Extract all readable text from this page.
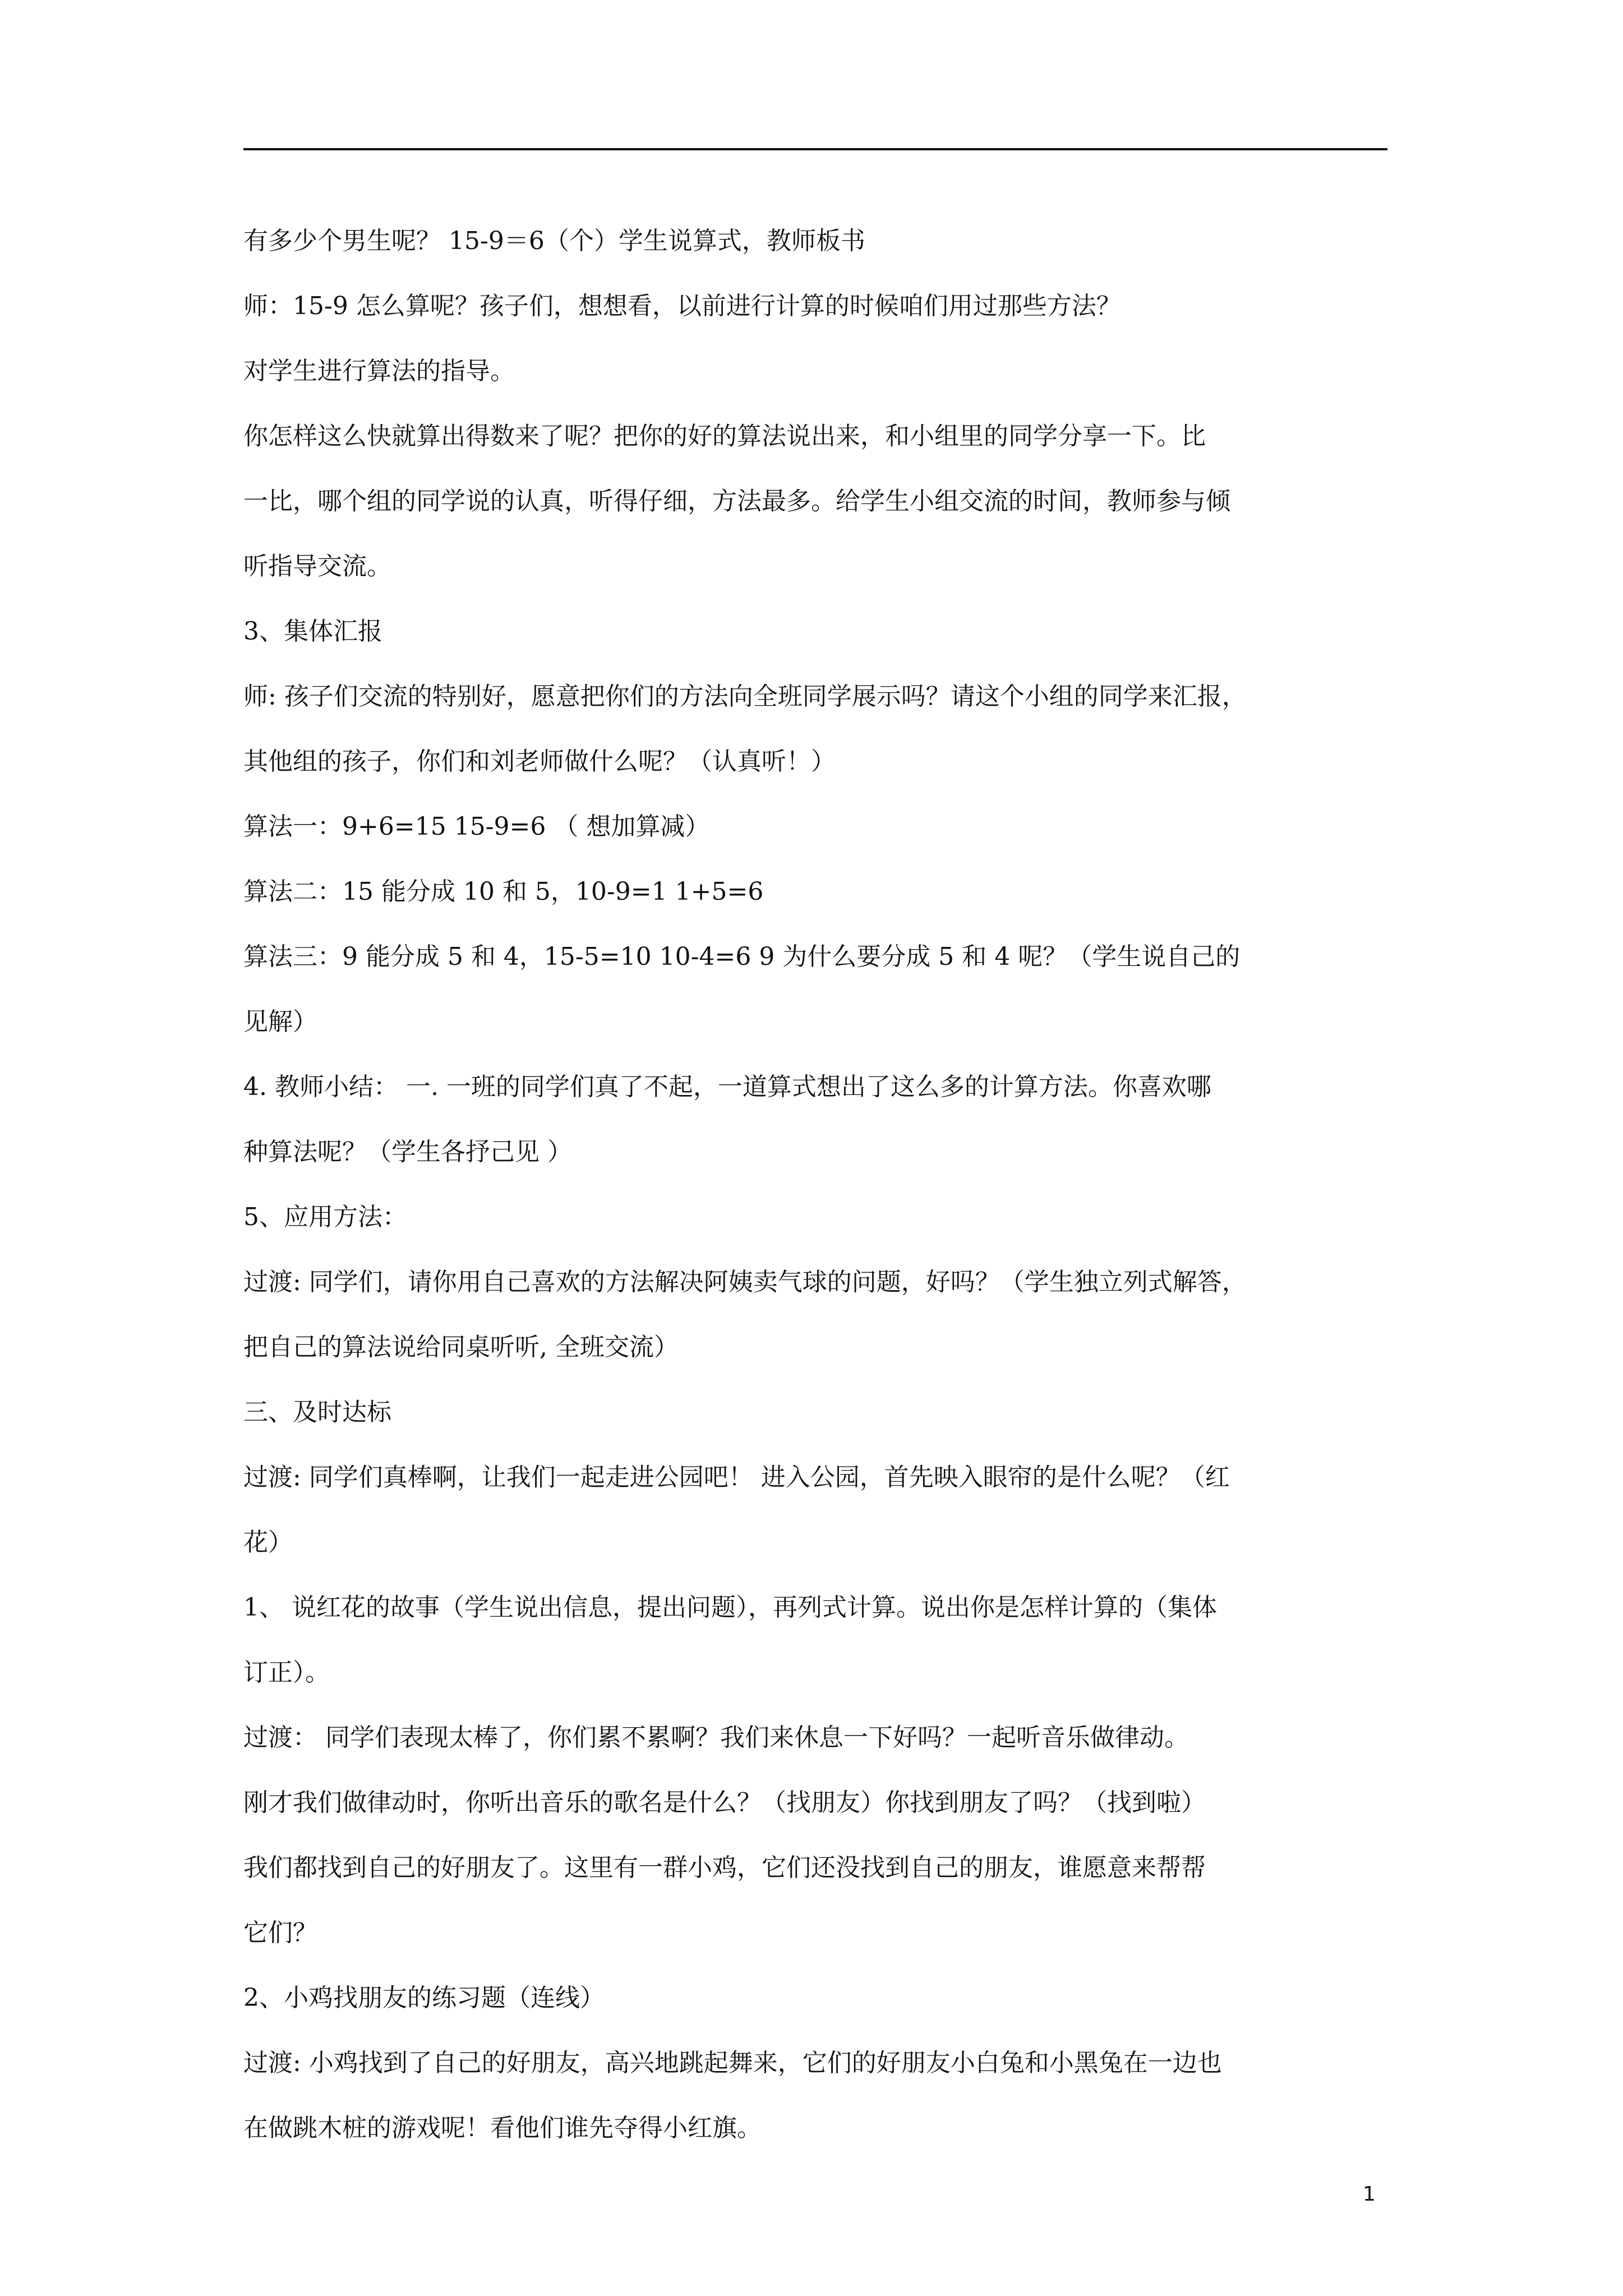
有多少个男生呢？ 15-9＝6（个）学生说算式，教师板书
师：15-9 怎么算呢？孩子们，想想看，以前进行计算的时候咱们用过那些方法？
对学生进行算法的指导。
你怎样这么快就算出得数来了呢？把你的好的算法说出来，和小组里的同学分享一下。比
一比，哪个组的同学说的认真，听得仔细，方法最多。给学生小组交流的时间，教师参与倾
听指导交流。
3、集体汇报
师: 孩子们交流的特别好，愿意把你们的方法向全班同学展示吗？请这个小组的同学来汇报，
其他组的孩子，你们和刘老师做什么呢？（认真听！）
算法一：9+6=15 15-9=6 （ 想加算减）
算法二：15 能分成 10 和 5，10-9=1 1+5=6
算法三：9 能分成 5 和 4，15-5=10 10-4=6 9 为什么要分成 5 和 4 呢？（学生说自己的
见解）
4. 教师小结： 一. 一班的同学们真了不起，一道算式想出了这么多的计算方法。你喜欢哪
种算法呢？（学生各抒己见 ）
5、应用方法：
过渡: 同学们，请你用自己喜欢的方法解决阿姨卖气球的问题，好吗？（学生独立列式解答，
把自己的算法说给同桌听听, 全班交流）
三、及时达标
过渡: 同学们真棒啊，让我们一起走进公园吧！ 进入公园，首先映入眼帘的是什么呢？（红
花）
1、 说红花的故事（学生说出信息，提出问题），再列式计算。说出你是怎样计算的（集体
订正）。
过渡： 同学们表现太棒了，你们累不累啊？我们来休息一下好吗？一起听音乐做律动。
刚才我们做律动时，你听出音乐的歌名是什么？（找朋友）你找到朋友了吗？（找到啦）
我们都找到自己的好朋友了。这里有一群小鸡，它们还没找到自己的朋友，谁愿意来帮帮
它们？
2、小鸡找朋友的练习题（连线）
过渡: 小鸡找到了自己的好朋友，高兴地跳起舞来，它们的好朋友小白兔和小黑兔在一边也
在做跳木桩的游戏呢！看他们谁先夺得小红旗。
1
